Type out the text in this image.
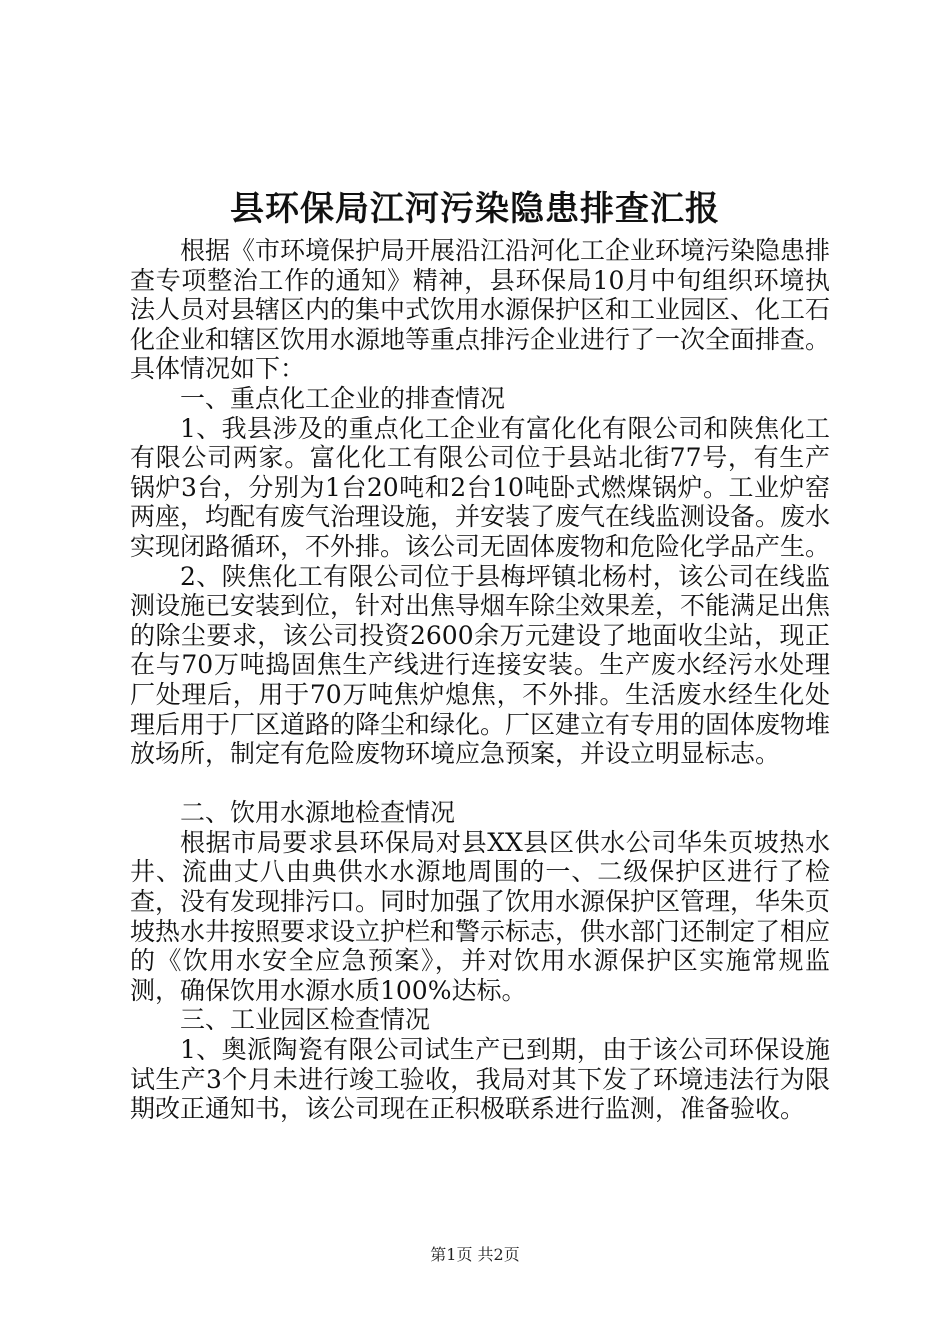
县环保局江河污染隐患排查汇报

根据《市环境保护局开展沿江沿河化工企业环境污染隐患排查专项整治工作的通知》精神，县环保局10月中旬组织环境执法人员对县辖区内的集中式饮用水源保护区和工业园区、化工石化企业和辖区饮用水源地等重点排污企业进行了一次全面排查。具体情况如下：

一、重点化工企业的排查情况

1、我县涉及的重点化工企业有富化化有限公司和陕焦化工有限公司两家。富化化工有限公司位于县站北街77号，有生产锅炉3台，分别为1台20吨和2台10吨卧式燃煤锅炉。工业炉窑两座，均配有废气治理设施，并安装了废气在线监测设备。废水实现闭路循环，不外排。该公司无固体废物和危险化学品产生。

2、陕焦化工有限公司位于县梅坪镇北杨村，该公司在线监测设施已安装到位，针对出焦导烟车除尘效果差，不能满足出焦的除尘要求，该公司投资2600余万元建设了地面收尘站，现正在与70万吨捣固焦生产线进行连接安装。生产废水经污水处理厂处理后，用于70万吨焦炉熄焦，不外排。生活废水经生化处理后用于厂区道路的降尘和绿化。厂区建立有专用的固体废物堆放场所，制定有危险废物环境应急预案，并设立明显标志。

二、饮用水源地检查情况

根据市局要求县环保局对县XX县区供水公司华朱页坡热水井、流曲丈八由典供水水源地周围的一、二级保护区进行了检查，没有发现排污口。同时加强了饮用水源保护区管理，华朱页坡热水井按照要求设立护栏和警示标志，供水部门还制定了相应的《饮用水安全应急预案》，并对饮用水源保护区实施常规监测，确保饮用水源水质100%达标。

三、工业园区检查情况

1、奥派陶瓷有限公司试生产已到期，由于该公司环保设施试生产3个月未进行竣工验收，我局对其下发了环境违法行为限期改正通知书，该公司现在正积极联系进行监测，准备验收。

第1页 共2页
